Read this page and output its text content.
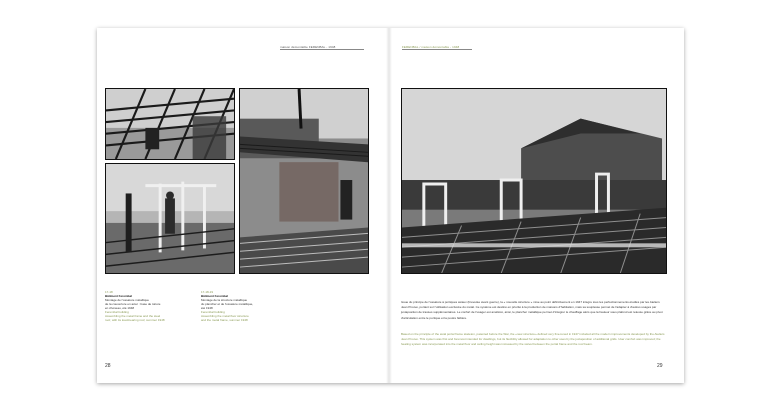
maison démontable FERENBAL - 1948	FERENBAL / maison démontable - 1948
17-18
Bâtiment Ferembal
Montage de l'ossature métallique
de la couverture en acier : base de toiture
en chéneau, été 1948
Ferembal building
Assembling the metal frame and the steel
roof, with its load-bearing roof, summer 1948
17-18-19
Bâtiment Ferembal
Montage de la structure métallique
du plancher et de l'ossature métallique,
été 1948
Ferembal building
Assembling the metal floor structure
and the metal frame, summer 1948
Issue du principe de l'ossature à portiques axiaux (brevetée avant guerre), la « nouvelle structure » mise au point définitivement en 1947 intègre tous les perfectionnements étudiés par les Ateliers Jean Prouvé, portant sur l'utilisation exclusive du métal. Ce système est destiné en priorité à la production de maisons d'habitation, mais sa souplesse permet de l'adapter à d'autres usages par juxtaposition de travées supplémentaires. Le confort de l'usager est amélioré, ainsi, le plancher métallique permet d'intégrer le chauffage alors que la hauteur sous plafond est relevée grâce au pivot d'articulation entre le portique et la poutre faîtière.
Based on the principle of the axial portal frame skeleton, patented before the War, the «new structure» defined very fine-tuned in 1947 included all the modern improvements developed by the Ateliers Jean Prouvé. This system was first and foremost intended for dwellings, but its flexibility allowed for adaptation to other uses by the juxtaposition of additional grids. User comfort was improved; the heating system was incorporated into the metal floor and ceiling height was increased by the swivel between the portal frame and the roof beam.
28	29
